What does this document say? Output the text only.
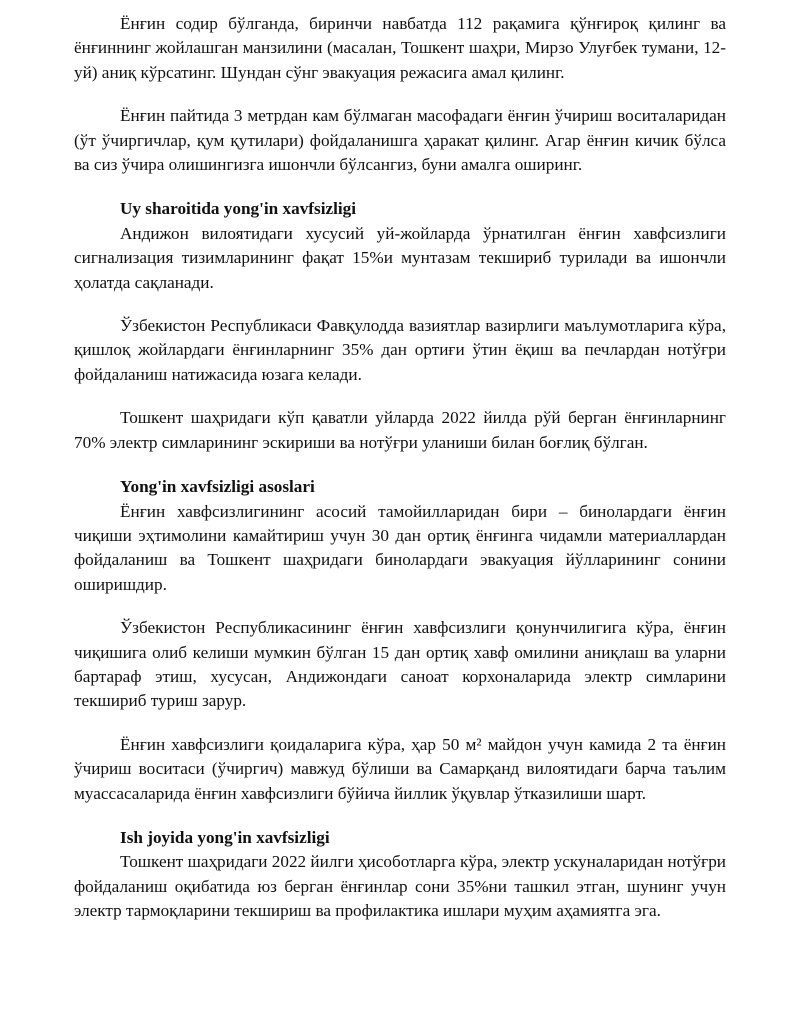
Ёнғин содир бўлганда, биринчи навбатда 112 рақамига қўнғироқ қилинг ва ёнғиннинг жойлашган манзилини (масалан, Тошкент шаҳри, Мирзо Улуғбек тумани, 12-уй) аниқ кўрсатинг. Шундан сўнг эвакуация режасига амал қилинг.

Ёнғин пайтида 3 метрдан кам бўлмаган масофадаги ёнғин ўчириш воситаларидан (ўт ўчиргичлар, қум қутилари) фойдаланишга ҳаракат қилинг. Агар ёнғин кичик бўлса ва сиз ўчира олишингизга ишончли бўлсангиз, буни амалга оширинг.

Uy sharoitida yong'in xavfsizligi

Андижон вилоятидаги хусусий уй-жойларда ўрнатилган ёнғин хавфсизлиги сигнализация тизимларининг фақат 15%и мунтазам текшириб турилади ва ишончли ҳолатда сақланади.

Ўзбекистон Республикаси Фавқулодда вазиятлар вазирлиги маълумотларига кўра, қишлоқ жойлардаги ёнғинларнинг 35% дан ортиғи ўтин ёқиш ва печлардан нотўғри фойдаланиш натижасида юзага келади.

Тошкент шаҳридаги кўп қаватли уйларда 2022 йилда рўй берган ёнғинларнинг 70% электр симларининг эскириши ва нотўғри уланиши билан боғлиқ бўлган.

Yong'in xavfsizligi asoslari

Ёнғин хавфсизлигининг асосий тамойилларидан бири – бинолардаги ёнғин чиқиши эҳтимолини камайтириш учун 30 дан ортиқ ёнғинга чидамли материаллардан фойдаланиш ва Тошкент шаҳридаги бинолардаги эвакуация йўлларининг сонини оширишдир.

Ўзбекистон Республикасининг ёнғин хавфсизлиги қонунчилигига кўра, ёнғин чиқишига олиб келиши мумкин бўлган 15 дан ортиқ хавф омилини аниқлаш ва уларни бартараф этиш, хусусан, Андижондаги саноат корхоналарида электр симларини текшириб туриш зарур.

Ёнғин хавфсизлиги қоидаларига кўра, ҳар 50 м² майдон учун камида 2 та ёнғин ўчириш воситаси (ўчиргич) мавжуд бўлиши ва Самарқанд вилоятидаги барча таълим муассасаларида ёнғин хавфсизлиги бўйича йиллик ўқувлар ўтказилиши шарт.

Ish joyida yong'in xavfsizligi

Тошкент шаҳридаги 2022 йилги ҳисоботларга кўра, электр ускуналаридан нотўғри фойдаланиш оқибатида юз берган ёнғинлар сони 35%ни ташкил этган, шунинг учун электр тармоқларини текшириш ва профилактика ишлари муҳим аҳамиятга эга.
